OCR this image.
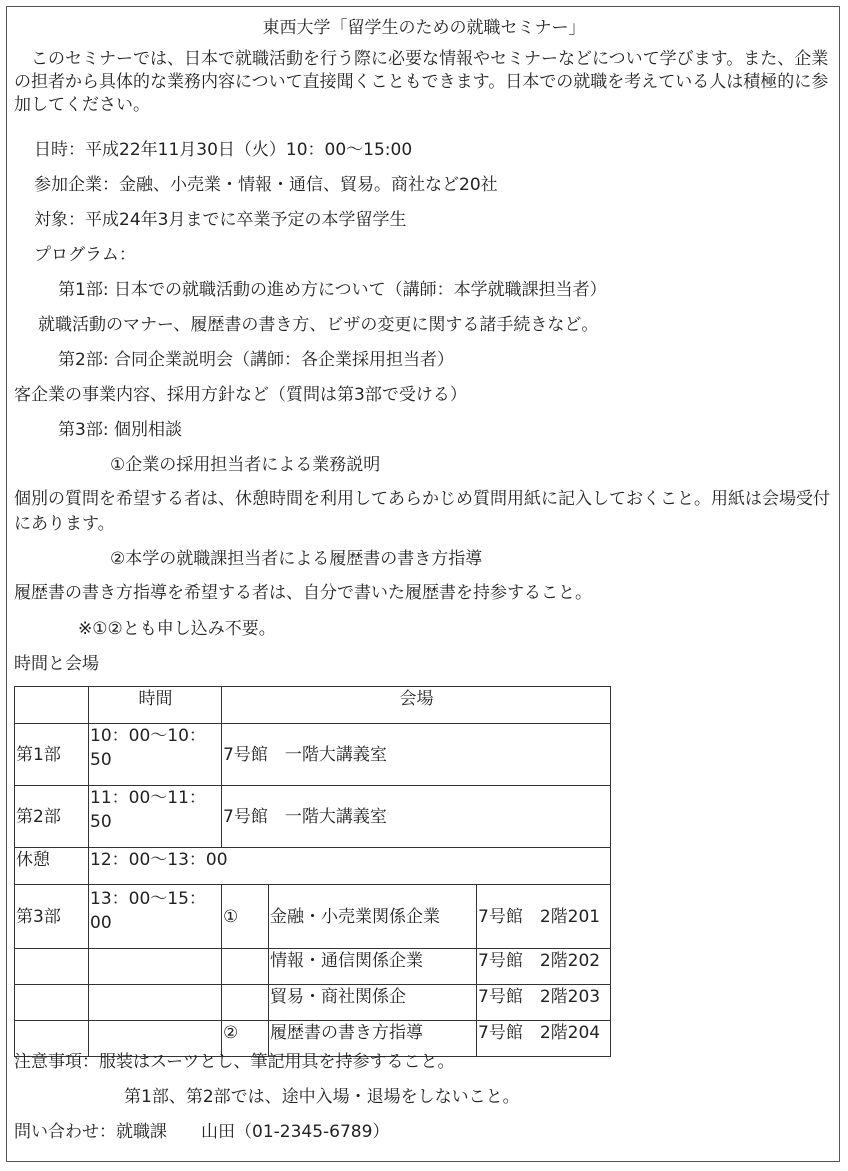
東西大学「留学生のための就職セミナー」
　このセミナーでは、日本で就職活動を行う際に必要な情報やセミナーなどについて学びます。また、企業の担者から具体的な業務内容について直接聞くこともできます。日本での就職を考えている人は積極的に参加してください。
日時：平成22年11月30日（火）10：00～15:00
参加企業：金融、小売業・情報・通信、貿易。商社など20社
対象：平成24年3月までに卒業予定の本学留学生
プログラム：
第1部: 日本での就職活動の進め方について（講師：本学就職課担当者）
就職活動のマナー、履歴書の書き方、ビザの変更に関する諸手続きなど。
第2部: 合同企業説明会（講師：各企業採用担当者）
客企業の事業内容、採用方針など（質問は第3部で受ける）
第3部: 個別相談
①企業の採用担当者による業務説明
個別の質問を希望する者は、休憩時間を利用してあらかじめ質問用紙に記入しておくこと。用紙は会場受付にあります。
②本学の就職課担当者による履歴書の書き方指導
履歴書の書き方指導を希望する者は、自分で書いた履歴書を持参すること。
※①②とも申し込み不要。
時間と会場
	時間	会場		
第1部	10：00～10：50	7号館　一階大講義室		
第2部	11：00～11：50	7号館　一階大講義室		
休憩	12：00～13：00			
第3部	13：00～15：00	①	金融・小売業関係企業	7号館　2階201
			情報・通信関係企業	7号館　2階202
			貿易・商社関係企	7号館　2階203
		②	履歴書の書き方指導	7号館　2階204
注意事項：服装はスーツとし、筆記用具を持参すること。
第1部、第2部では、途中入場・退場をしないこと。
問い合わせ：就職課　　山田（01-2345-6789）
